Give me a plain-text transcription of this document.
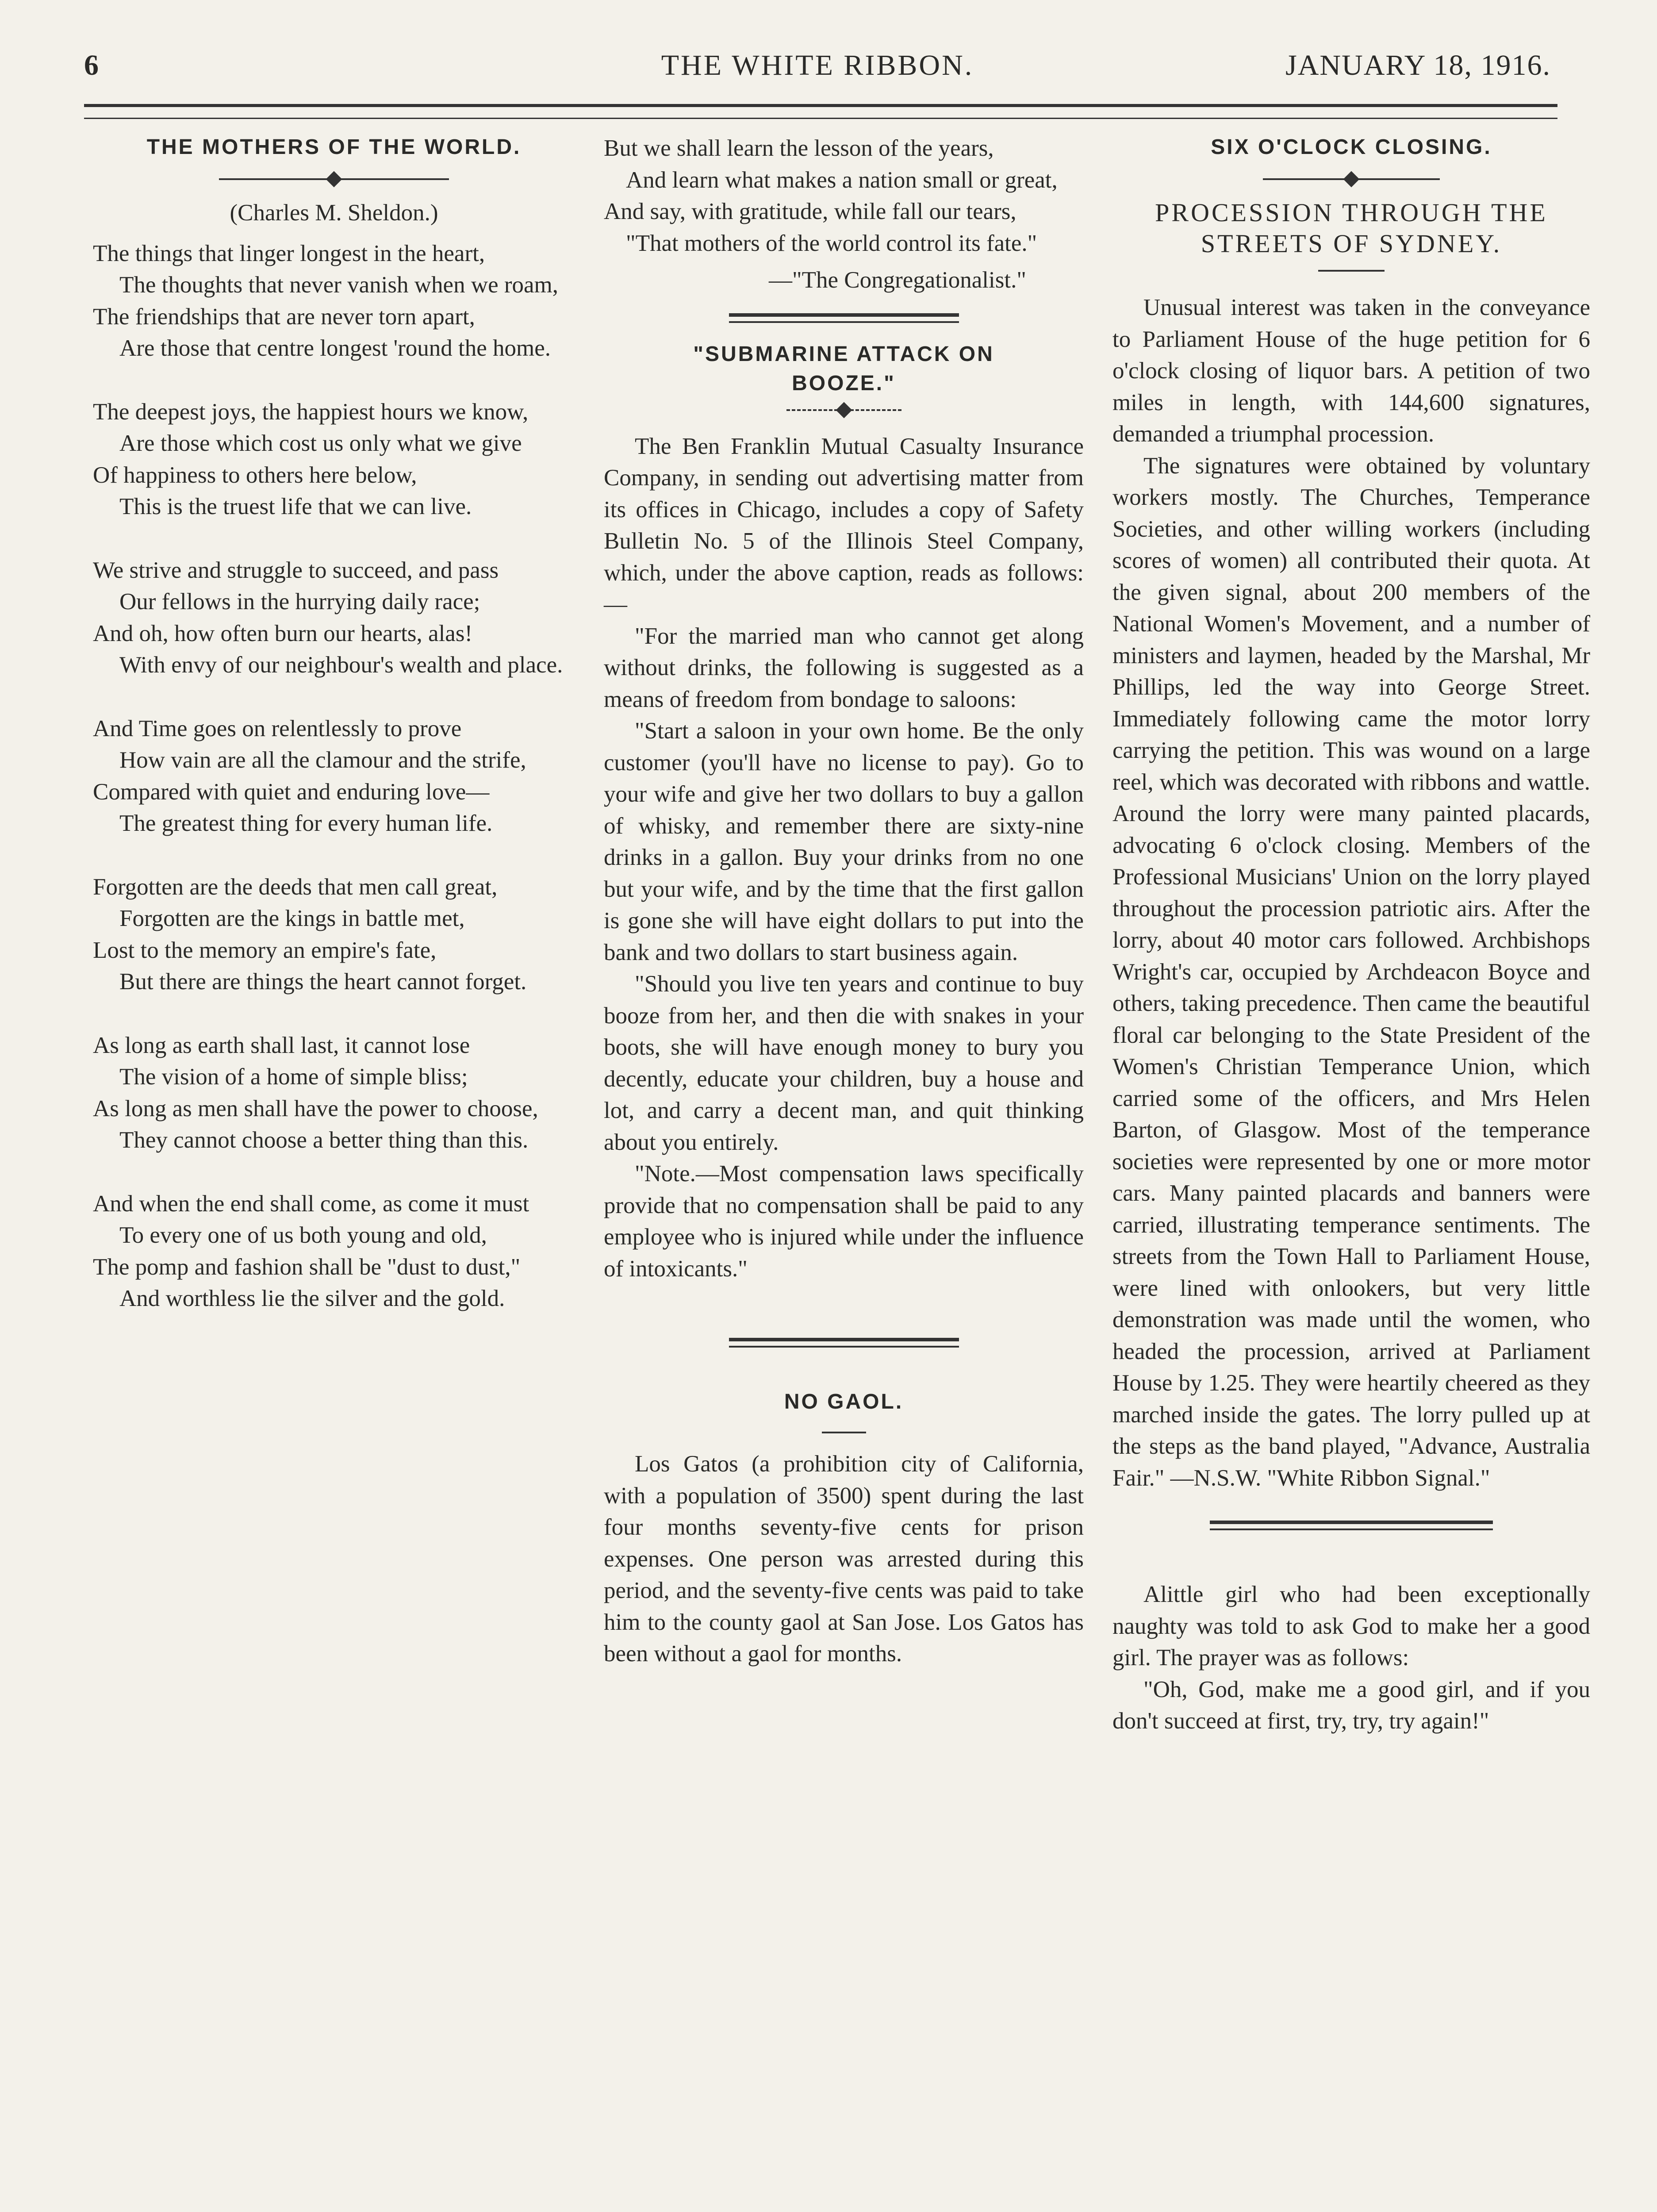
6	THE WHITE RIBBON.	JANUARY 18, 1916.
THE MOTHERS OF THE WORLD.
(Charles M. Sheldon.)

The things that linger longest in the heart,

The thoughts that never vanish when we roam,

The friendships that are never torn apart,

Are those that centre longest 'round the home.

The deepest joys, the happiest hours we know,

Are those which cost us only what we give

Of happiness to others here below,

This is the truest life that we can live.

We strive and struggle to succeed, and pass

Our fellows in the hurrying daily race;

And oh, how often burn our hearts, alas!

With envy of our neighbour's wealth and place.

And Time goes on relentlessly to prove

How vain are all the clamour and the strife,

Compared with quiet and enduring love—

The greatest thing for every human life.

Forgotten are the deeds that men call great,

Forgotten are the kings in battle met,

Lost to the memory an empire's fate,

But there are things the heart cannot forget.

As long as earth shall last, it cannot lose

The vision of a home of simple bliss;

As long as men shall have the power to choose,

They cannot choose a better thing than this.

And when the end shall come, as come it must

To every one of us both young and old,

The pomp and fashion shall be "dust to dust,"

And worthless lie the silver and the gold.

But we shall learn the lesson of the years,

And learn what makes a nation small or great,

And say, with gratitude, while fall our tears,

"That mothers of the world control its fate."

—"The Congregationalist."

"SUBMARINE ATTACK ON
BOOZE."

The Ben Franklin Mutual Casualty Insurance Company, in sending out advertising matter from its offices in Chicago, includes a copy of Safety Bulletin No. 5 of the Illinois Steel Company, which, under the above caption, reads as follows:—

"For the married man who cannot get along without drinks, the following is suggested as a means of freedom from bondage to saloons:

"Start a saloon in your own home. Be the only customer (you'll have no license to pay). Go to your wife and give her two dollars to buy a gallon of whisky, and remember there are sixty-nine drinks in a gallon. Buy your drinks from no one but your wife, and by the time that the first gallon is gone she will have eight dollars to put into the bank and two dollars to start business again.

"Should you live ten years and continue to buy booze from her, and then die with snakes in your boots, she will have enough money to bury you decently, educate your children, buy a house and lot, and carry a decent man, and quit thinking about you entirely.

"Note.—Most compensation laws specifically provide that no compensation shall be paid to any employee who is injured while under the influence of intoxicants."

NO GAOL.

Los Gatos (a prohibition city of California, with a population of 3500) spent during the last four months seventy-five cents for prison expenses. One person was arrested during this period, and the seventy-five cents was paid to take him to the county gaol at San Jose. Los Gatos has been without a gaol for months.

SIX O'CLOCK CLOSING.
PROCESSION THROUGH THE
STREETS OF SYDNEY.

Unusual interest was taken in the conveyance to Parliament House of the huge petition for 6 o'clock closing of liquor bars. A petition of two miles in length, with 144,600 signatures, demanded a triumphal procession.

The signatures were obtained by voluntary workers mostly. The Churches, Temperance Societies, and other willing workers (including scores of women) all contributed their quota. At the given signal, about 200 members of the National Women's Movement, and a number of ministers and laymen, headed by the Marshal, Mr Phillips, led the way into George Street. Immediately following came the motor lorry carrying the petition. This was wound on a large reel, which was decorated with ribbons and wattle. Around the lorry were many painted placards, advocating 6 o'clock closing. Members of the Professional Musicians' Union on the lorry played throughout the procession patriotic airs. After the lorry, about 40 motor cars followed. Archbishops Wright's car, occupied by Archdeacon Boyce and others, taking precedence. Then came the beautiful floral car belonging to the State President of the Women's Christian Temperance Union, which carried some of the officers, and Mrs Helen Barton, of Glasgow. Most of the temperance societies were represented by one or more motor cars. Many painted placards and banners were carried, illustrating temperance sentiments. The streets from the Town Hall to Parliament House, were lined with onlookers, but very little demonstration was made until the women, who headed the procession, arrived at Parliament House by 1.25. They were heartily cheered as they marched inside the gates. The lorry pulled up at the steps as the band played, "Advance, Australia Fair." —N.S.W. "White Ribbon Signal."

Alittle girl who had been exceptionally naughty was told to ask God to make her a good girl. The prayer was as follows:

"Oh, God, make me a good girl, and if you don't succeed at first, try, try, try again!"
